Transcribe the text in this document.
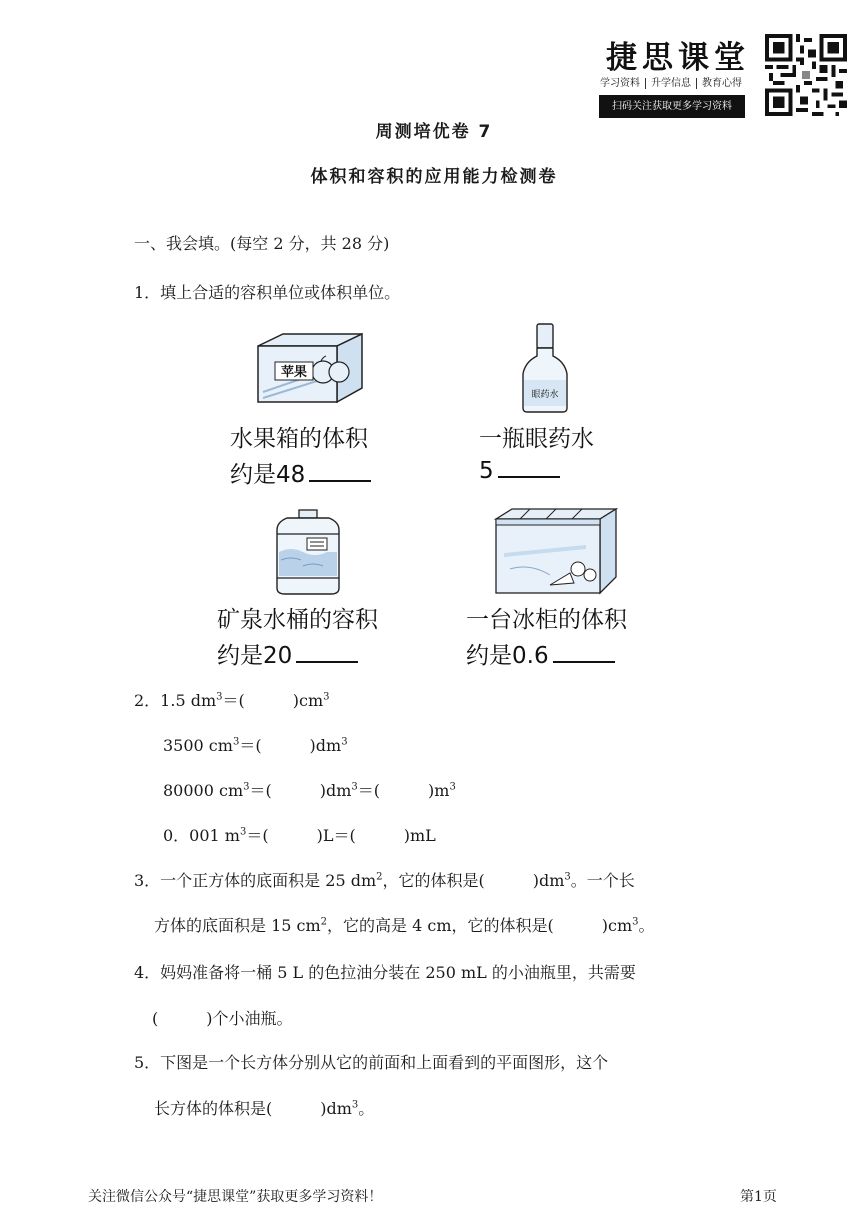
捷思课堂
学习资料 升学信息 教育心得
扫码关注获取更多学习资料
周测培优卷 7
体积和容积的应用能力检测卷
一、我会填。(每空 2 分，共 28 分)
1．填上合适的容积单位或体积单位。
苹果
眼药水
水果箱的体积
约是48
一瓶眼药水
5
矿泉水桶的容积
约是20
一台冰柜的体积
约是0.6
2．1.5 $dm^3=$(　　　)$cm^3$
3500 $cm^3=$(　　　)$dm^3$
80000 $cm^3=$(　　　)$dm^3=$(　　　)$m^3$
0．001 $m^3=$(　　　)L＝(　　　)mL
3．一个正方体的底面积是 25 $dm^2$，它的体积是(　　　)$dm^3$。一个长
方体的底面积是 15 $cm^2$，它的高是 4 cm，它的体积是(　　　)$cm^3$。
4．妈妈准备将一桶 5 L 的色拉油分装在 250 mL 的小油瓶里，共需要
(　　　)个小油瓶。
5．下图是一个长方体分别从它的前面和上面看到的平面图形，这个
长方体的体积是(　　　)$dm^3$。
关注微信公众号“捷思课堂”获取更多学习资料！	第1页
